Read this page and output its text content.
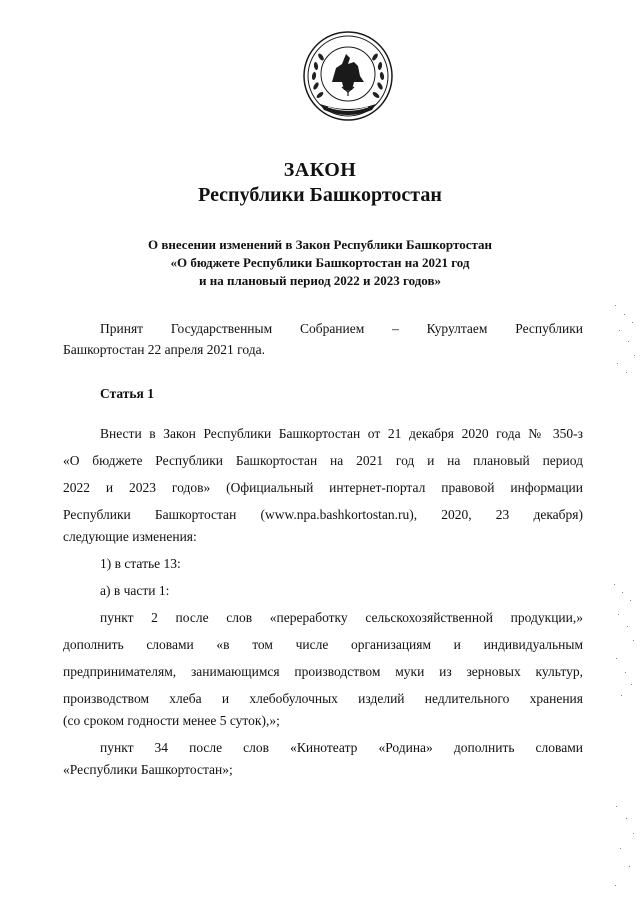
ЗАКОН
Республики Башкортостан
О внесении изменений в Закон Республики Башкортостан
«О бюджете Республики Башкортостан на 2021 год
и на плановый период 2022 и 2023 годов»
Принят Государственным Собранием – Курултаем Республики
Башкортостан 22 апреля 2021 года.
Статья 1
Внести в Закон Республики Башкортостан от 21 декабря 2020 года № 350-з
«О бюджете Республики Башкортостан на 2021 год и на плановый период
2022 и 2023 годов» (Официальный интернет-портал правовой информации
Республики Башкортостан (www.npa.bashkortostan.ru), 2020, 23 декабря)
следующие изменения:
1) в статье 13:
а) в части 1:
пункт 2 после слов «переработку сельскохозяйственной продукции,»
дополнить словами «в том числе организациям и индивидуальным
предпринимателям, занимающимся производством муки из зерновых культур,
производством хлеба и хлебобулочных изделий недлительного хранения
(со сроком годности менее 5 суток),»;
пункт 34 после слов «Кинотеатр «Родина» дополнить словами
«Республики Башкортостан»;
